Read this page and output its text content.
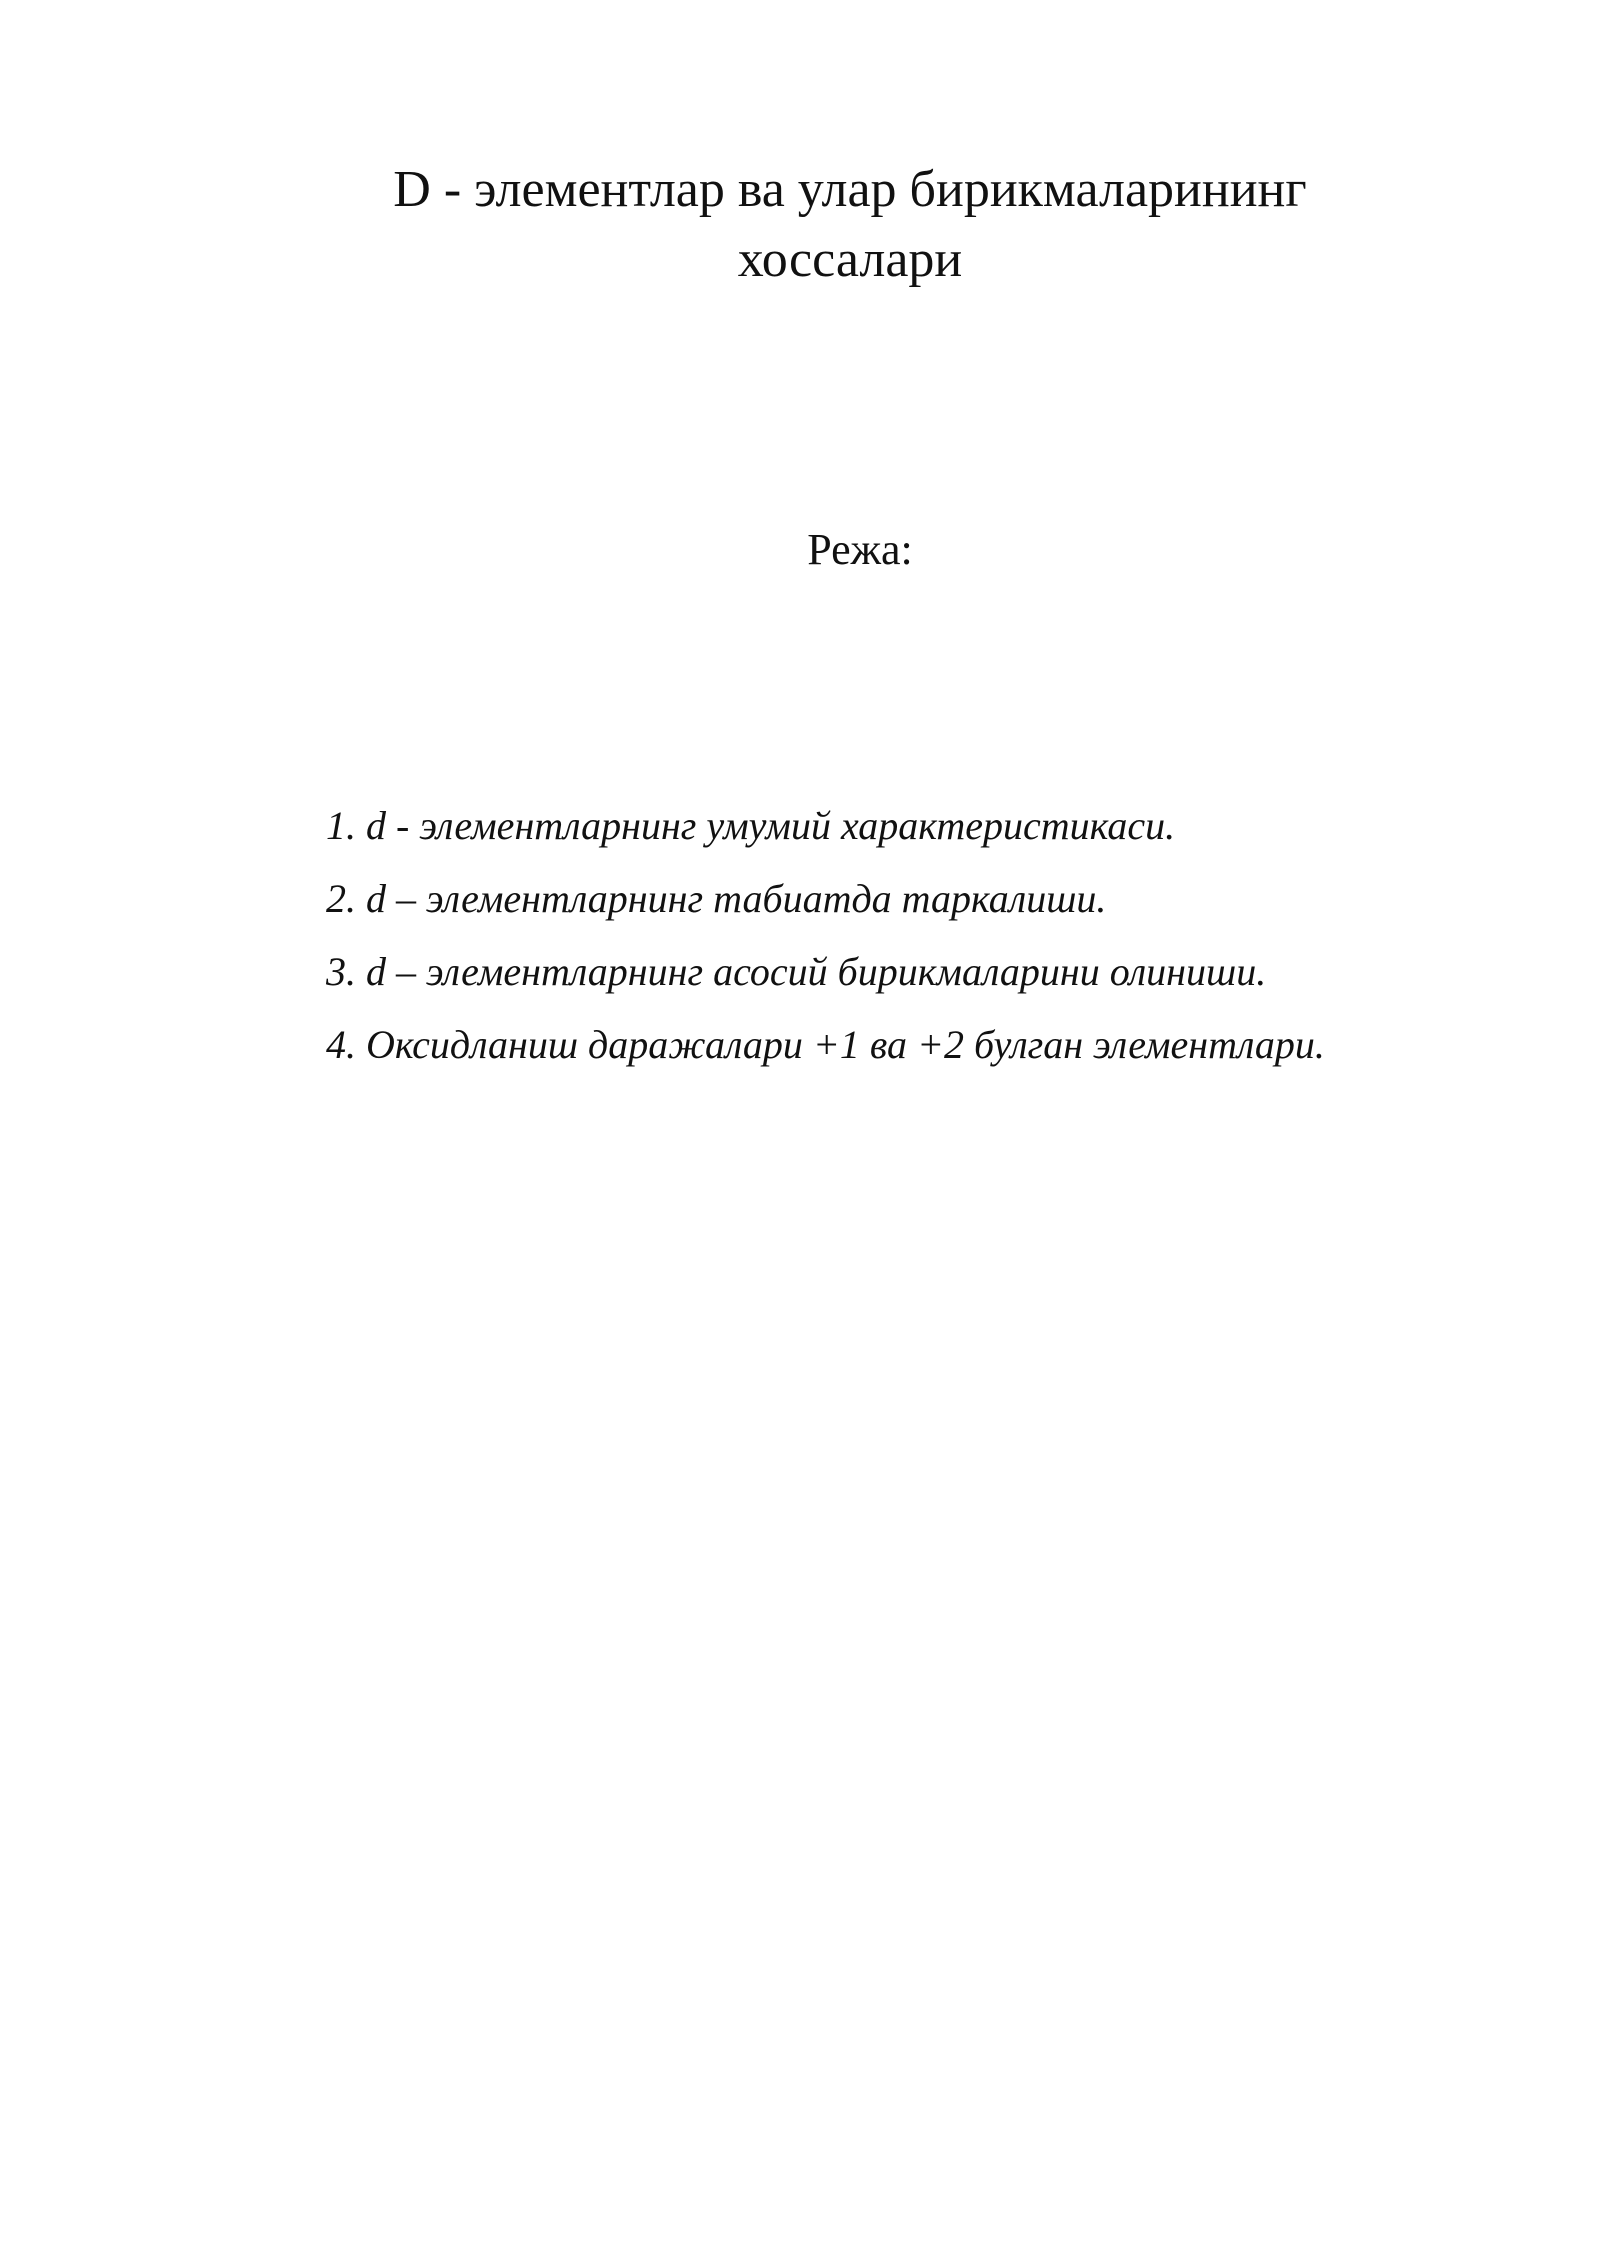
D - элементлар ва улар бирикмаларининг
хоссалари
Режа:
1. d - элементларнинг умумий характеристикаси.
2. d – элементларнинг табиатда таркалиши.
3. d – элементларнинг асосий бирикмаларини олиниши.
4. Оксидланиш даражалари +1 ва +2 булган элементлари.
